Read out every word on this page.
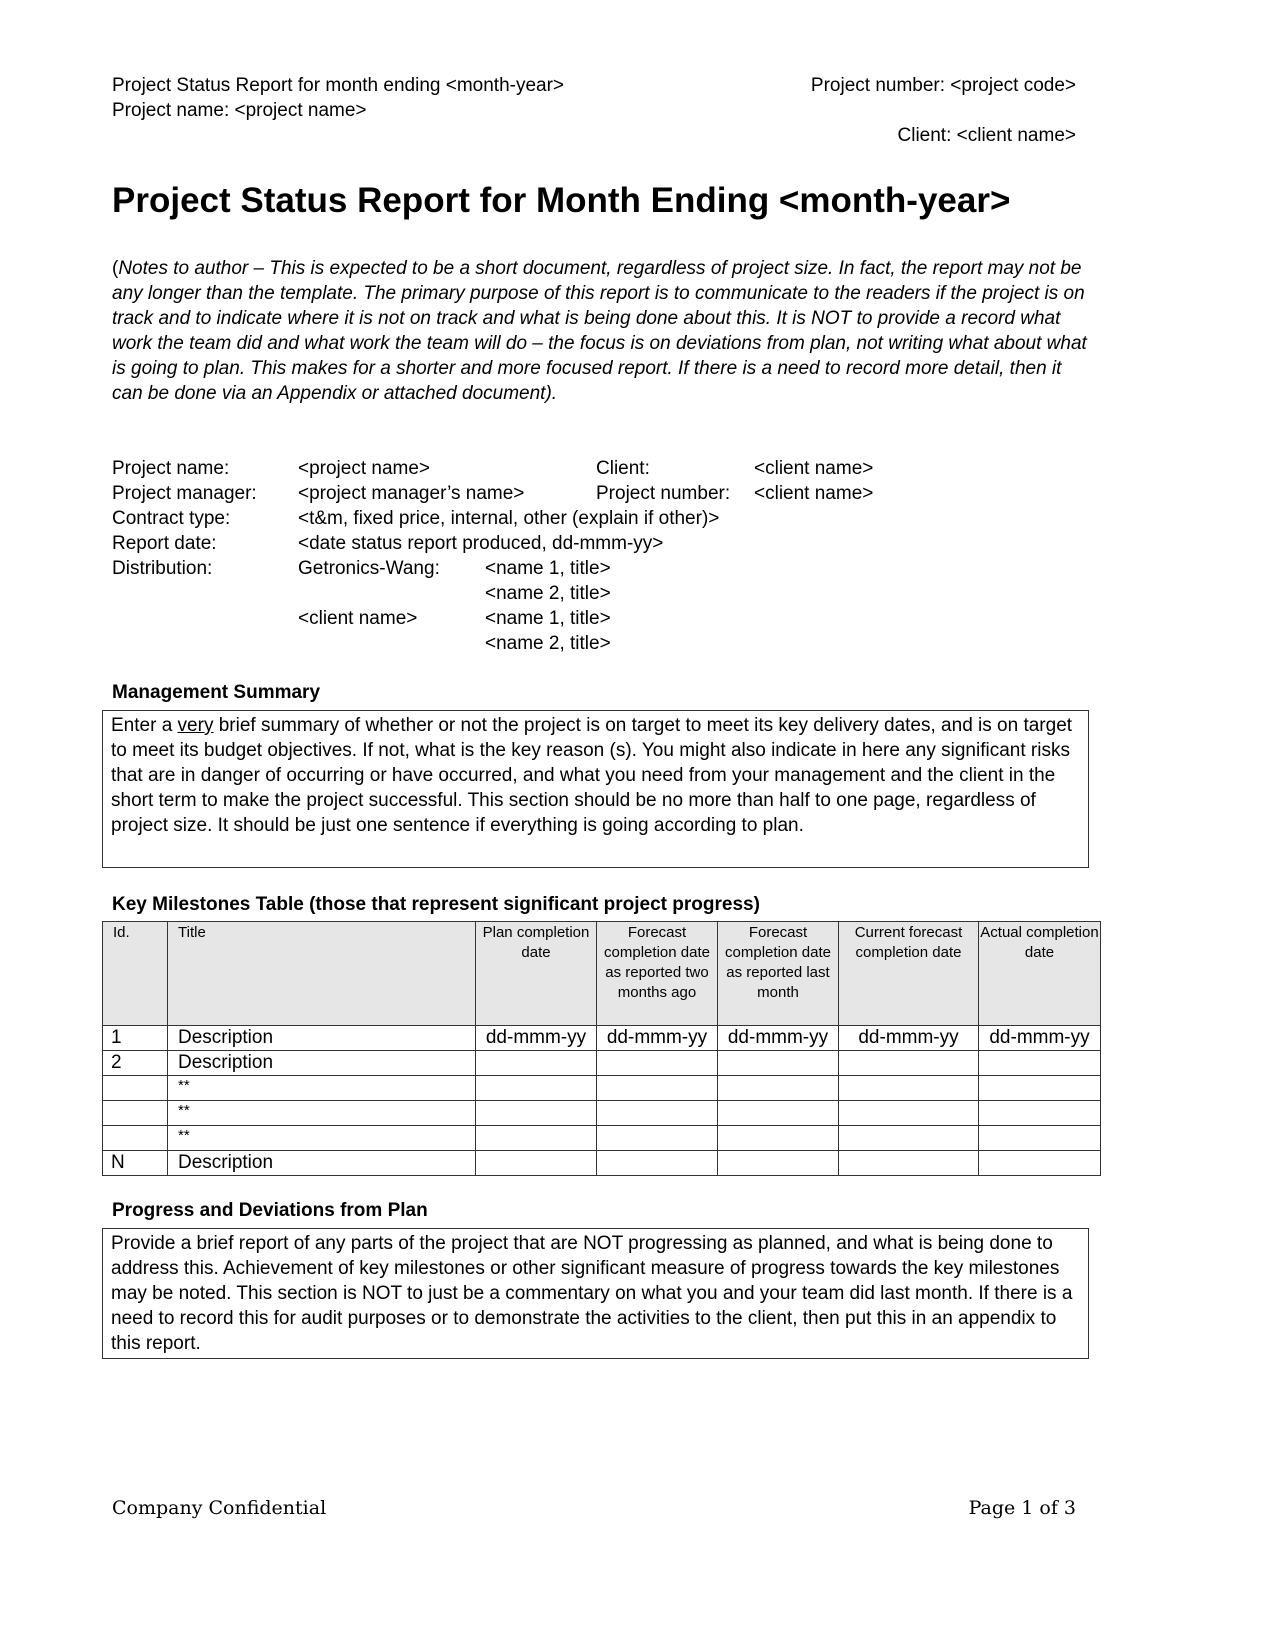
Project Status Report for month ending <month-year>
Project name: <project name>
Project number: <project code>
Client: <client name>
Project Status Report for Month Ending <month-year>
(Notes to author – This is expected to be a short document, regardless of project size. In fact, the report may not be any longer than the template. The primary purpose of this report is to communicate to the readers if the project is on track and to indicate where it is not on track and what is being done about this. It is NOT to provide a record what work the team did and what work the team will do – the focus is on deviations from plan, not writing what about what is going to plan. This makes for a shorter and more focused report. If there is a need to record more detail, then it can be done via an Appendix or attached document).
Project name:	<project name>	Client:	<client name>
Project manager: <project manager’s name>	Project number: <client name>
Contract type:	<t&m, fixed price, internal, other (explain if other)>
Report date:	<date status report produced, dd-mmm-yy>
Distribution:	Getronics-Wang: <name 1, title>
<name 2, title>
<client name>	<name 1, title>
<name 2, title>
Management Summary
Enter a very brief summary of whether or not the project is on target to meet its key delivery dates, and is on target to meet its budget objectives. If not, what is the key reason (s). You might also indicate in here any significant risks that are in danger of occurring or have occurred, and what you need from your management and the client in the short term to make the project successful. This section should be no more than half to one page, regardless of project size. It should be just one sentence if everything is going according to plan.
Key Milestones Table (those that represent significant project progress)
Id.	Title	Plan completion date	Forecast completion date as reported two months ago	Forecast completion date as reported last month	Current forecast completion date	Actual completion date
1	Description	dd-mmm-yy	dd-mmm-yy	dd-mmm-yy	dd-mmm-yy	dd-mmm-yy
2	Description					
	**					
	**					
	**					
N	Description					
Progress and Deviations from Plan
Provide a brief report of any parts of the project that are NOT progressing as planned, and what is being done to address this. Achievement of key milestones or other significant measure of progress towards the key milestones may be noted. This section is NOT to just be a commentary on what you and your team did last month. If there is a need to record this for audit purposes or to demonstrate the activities to the client, then put this in an appendix to this report.
Company Confidential	Page 1 of 3
